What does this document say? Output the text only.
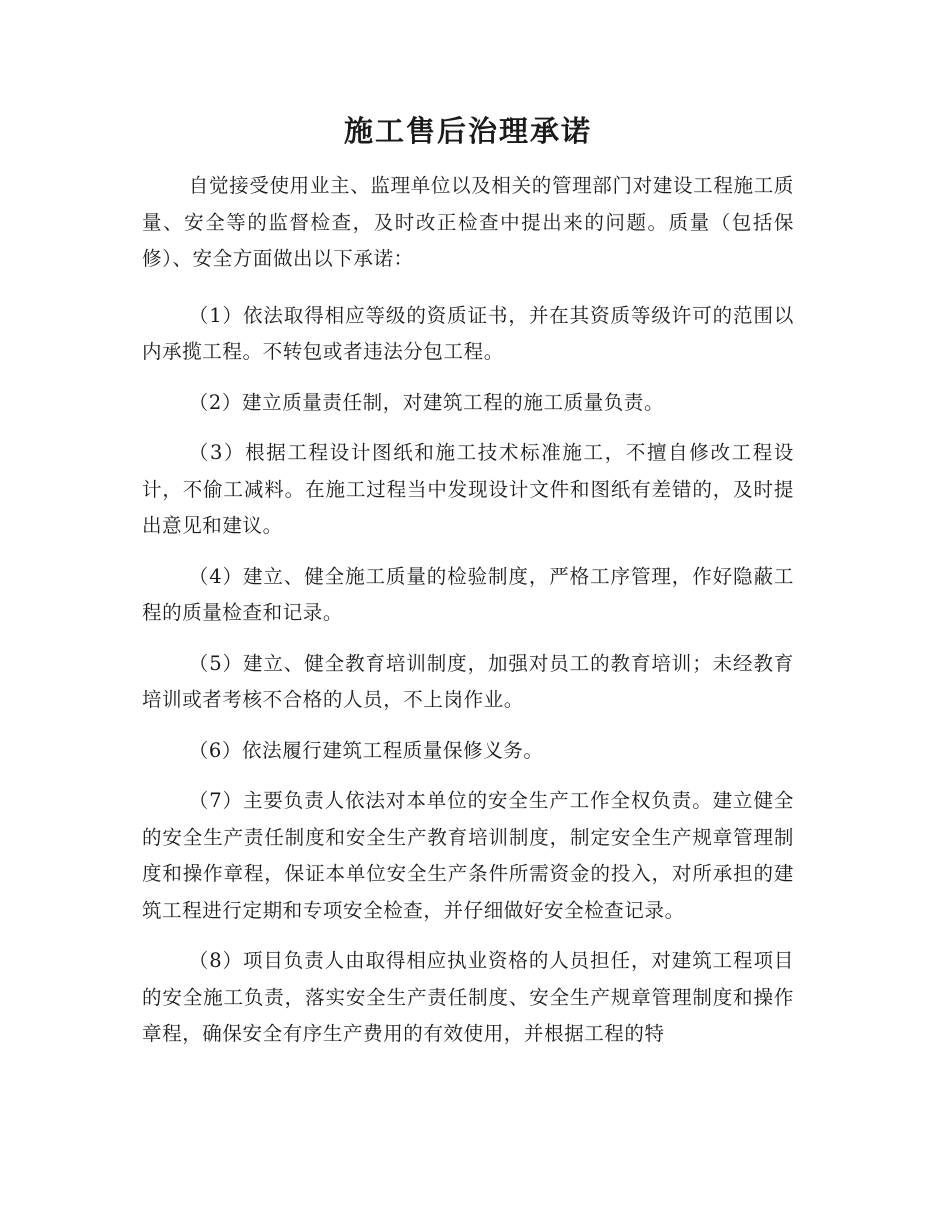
施工售后治理承诺

自觉接受使用业主、监理单位以及相关的管理部门对建设工程施工质量、安全等的监督检查，及时改正检查中提出来的问题。质量（包括保修）、安全方面做出以下承诺：

（1）依法取得相应等级的资质证书，并在其资质等级许可的范围以内承揽工程。不转包或者违法分包工程。

（2）建立质量责任制，对建筑工程的施工质量负责。

（3）根据工程设计图纸和施工技术标准施工，不擅自修改工程设计，不偷工减料。在施工过程当中发现设计文件和图纸有差错的，及时提出意见和建议。

（4）建立、健全施工质量的检验制度，严格工序管理，作好隐蔽工程的质量检查和记录。

（5）建立、健全教育培训制度，加强对员工的教育培训；未经教育培训或者考核不合格的人员，不上岗作业。

（6）依法履行建筑工程质量保修义务。

（7）主要负责人依法对本单位的安全生产工作全权负责。建立健全的安全生产责任制度和安全生产教育培训制度，制定安全生产规章管理制度和操作章程，保证本单位安全生产条件所需资金的投入，对所承担的建筑工程进行定期和专项安全检查，并仔细做好安全检查记录。

（8）项目负责人由取得相应执业资格的人员担任，对建筑工程项目的安全施工负责，落实安全生产责任制度、安全生产规章管理制度和操作章程，确保安全有序生产费用的有效使用，并根据工程的特
